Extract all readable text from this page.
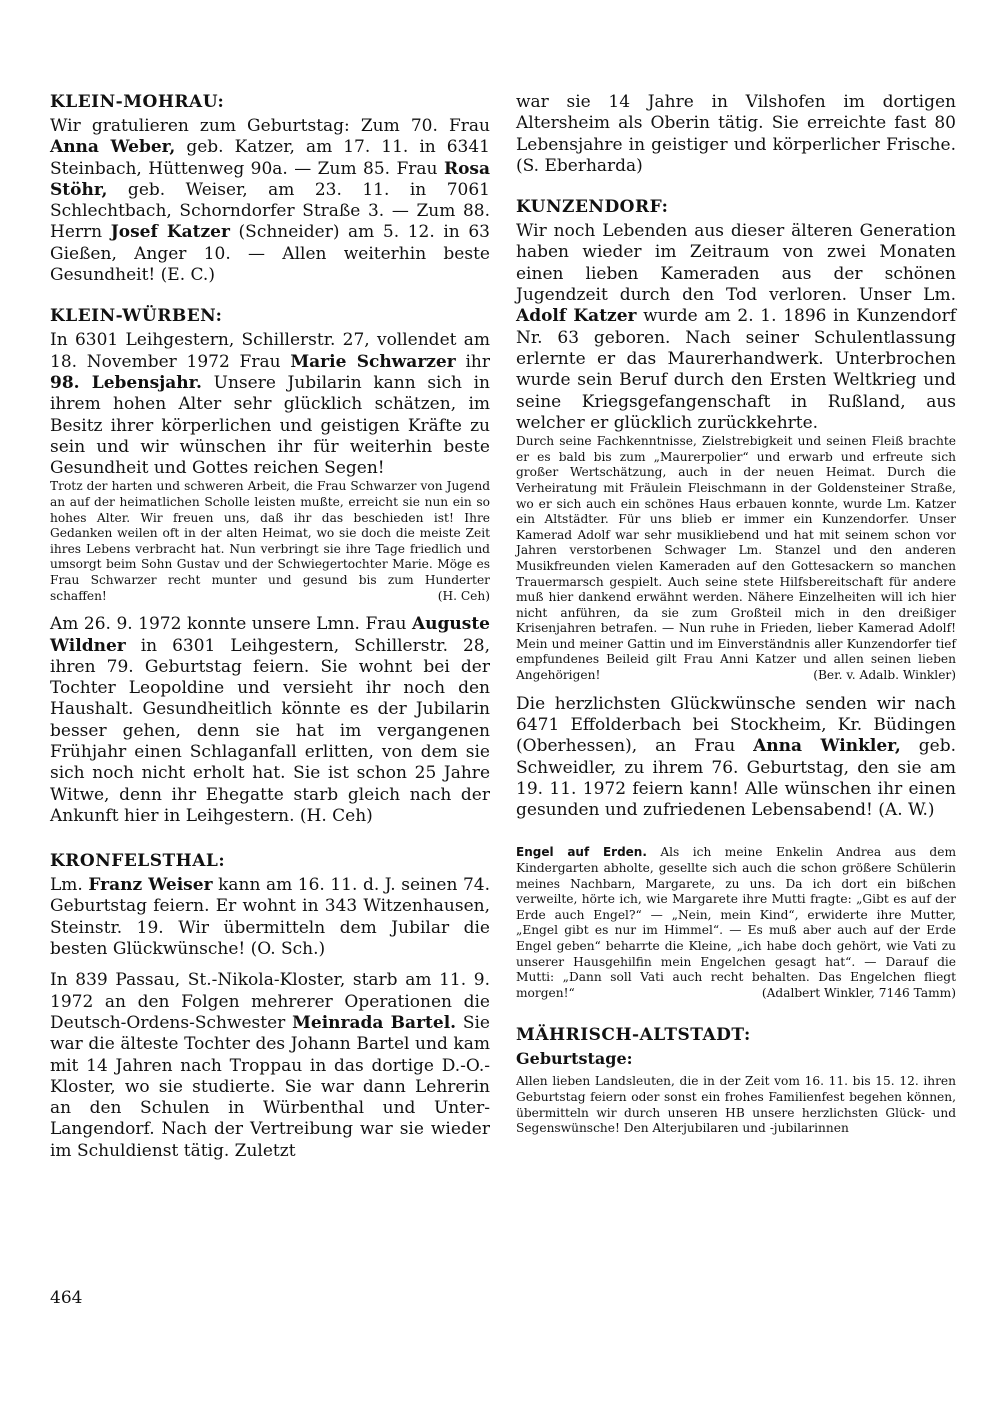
KLEIN-MOHRAU:

Wir gratulieren zum Geburtstag: Zum 70. Frau Anna Weber, geb. Katzer, am 17. 11. in 6341 Steinbach, Hüttenweg 90a. — Zum 85. Frau Rosa Stöhr, geb. Weiser, am 23. 11. in 7061 Schlechtbach, Schorndorfer Straße 3. — Zum 88. Herrn Josef Katzer (Schneider) am 5. 12. in 63 Gießen, Anger 10. — Allen weiterhin beste Gesundheit! (E. C.)

KLEIN-WÜRBEN:

In 6301 Leihgestern, Schillerstr. 27, vollendet am 18. November 1972 Frau Marie Schwarzer ihr 98. Lebensjahr. Unsere Jubilarin kann sich in ihrem hohen Alter sehr glücklich schätzen, im Besitz ihrer körperlichen und geistigen Kräfte zu sein und wir wünschen ihr für weiterhin beste Gesundheit und Gottes reichen Segen!

Trotz der harten und schweren Arbeit, die Frau Schwarzer von Jugend an auf der heimatlichen Scholle leisten mußte, erreicht sie nun ein so hohes Alter. Wir freuen uns, daß ihr das beschieden ist! Ihre Gedanken weilen oft in der alten Heimat, wo sie doch die meiste Zeit ihres Lebens verbracht hat. Nun verbringt sie ihre Tage friedlich und umsorgt beim Sohn Gustav und der Schwiegertochter Marie. Möge es Frau Schwarzer recht munter und gesund bis zum Hunderter schaffen!	(H. Ceh)

Am 26. 9. 1972 konnte unsere Lmn. Frau Auguste Wildner in 6301 Leihgestern, Schillerstr. 28, ihren 79. Geburtstag feiern. Sie wohnt bei der Tochter Leopoldine und versieht ihr noch den Haushalt. Gesundheitlich könnte es der Jubilarin besser gehen, denn sie hat im vergangenen Frühjahr einen Schlaganfall erlitten, von dem sie sich noch nicht erholt hat. Sie ist schon 25 Jahre Witwe, denn ihr Ehegatte starb gleich nach der Ankunft hier in Leihgestern. (H. Ceh)

KRONFELSTHAL:

Lm. Franz Weiser kann am 16. 11. d. J. seinen 74. Geburtstag feiern. Er wohnt in 343 Witzenhausen, Steinstr. 19. Wir übermitteln dem Jubilar die besten Glückwünsche! (O. Sch.)

In 839 Passau, St.-Nikola-Kloster, starb am 11. 9. 1972 an den Folgen mehrerer Operationen die Deutsch-Ordens-Schwester Meinrada Bartel. Sie war die älteste Tochter des Johann Bartel und kam mit 14 Jahren nach Troppau in das dortige D.-O.-Kloster, wo sie studierte. Sie war dann Lehrerin an den Schulen in Würbenthal und Unter-Langendorf. Nach der Vertreibung war sie wieder im Schuldienst tätig. Zuletzt

war sie 14 Jahre in Vilshofen im dortigen Altersheim als Oberin tätig. Sie erreichte fast 80 Lebensjahre in geistiger und körperlicher Frische. (S. Eberharda)

KUNZENDORF:

Wir noch Lebenden aus dieser älteren Generation haben wieder im Zeitraum von zwei Monaten einen lieben Kameraden aus der schönen Jugendzeit durch den Tod verloren. Unser Lm. Adolf Katzer wurde am 2. 1. 1896 in Kunzendorf Nr. 63 geboren. Nach seiner Schulentlassung erlernte er das Maurerhandwerk. Unterbrochen wurde sein Beruf durch den Ersten Weltkrieg und seine Kriegsgefangenschaft in Rußland, aus welcher er glücklich zurückkehrte.

Durch seine Fachkenntnisse, Zielstrebigkeit und seinen Fleiß brachte er es bald bis zum „Maurerpolier“ und erwarb und erfreute sich großer Wertschätzung, auch in der neuen Heimat. Durch die Verheiratung mit Fräulein Fleischmann in der Goldensteiner Straße, wo er sich auch ein schönes Haus erbauen konnte, wurde Lm. Katzer ein Altstädter. Für uns blieb er immer ein Kunzendorfer. Unser Kamerad Adolf war sehr musikliebend und hat mit seinem schon vor Jahren verstorbenen Schwager Lm. Stanzel und den anderen Musikfreunden vielen Kameraden auf den Gottesackern so manchen Trauermarsch gespielt. Auch seine stete Hilfsbereitschaft für andere muß hier dankend erwähnt werden. Nähere Einzelheiten will ich hier nicht anführen, da sie zum Großteil mich in den dreißiger Krisenjahren betrafen. — Nun ruhe in Frieden, lieber Kamerad Adolf! Mein und meiner Gattin und im Einverständnis aller Kunzendorfer tief empfundenes Beileid gilt Frau Anni Katzer und allen seinen lieben Angehörigen!	(Ber. v. Adalb. Winkler)

Die herzlichsten Glückwünsche senden wir nach 6471 Effolderbach bei Stockheim, Kr. Büdingen (Oberhessen), an Frau Anna Winkler, geb. Schweidler, zu ihrem 76. Geburtstag, den sie am 19. 11. 1972 feiern kann! Alle wünschen ihr einen gesunden und zufriedenen Lebensabend! (A. W.)

Engel auf Erden. Als ich meine Enkelin Andrea aus dem Kindergarten abholte, gesellte sich auch die schon größere Schülerin meines Nachbarn, Margarete, zu uns. Da ich dort ein bißchen verweilte, hörte ich, wie Margarete ihre Mutti fragte: „Gibt es auf der Erde auch Engel?“ — „Nein, mein Kind“, erwiderte ihre Mutter, „Engel gibt es nur im Himmel“. — Es muß aber auch auf der Erde Engel geben“ beharrte die Kleine, „ich habe doch gehört, wie Vati zu unserer Hausgehilfin mein Engelchen gesagt hat“. — Darauf die Mutti: „Dann soll Vati auch recht behalten. Das Engelchen fliegt morgen!“	(Adalbert Winkler, 7146 Tamm)

MÄHRISCH-ALTSTADT:
Geburtstage:

Allen lieben Landsleuten, die in der Zeit vom 16. 11. bis 15. 12. ihren Geburtstag feiern oder sonst ein frohes Familienfest begehen können, übermitteln wir durch unseren HB unsere herzlichsten Glück- und Segenswünsche! Den Alterjubilaren und -jubilarinnen

464
